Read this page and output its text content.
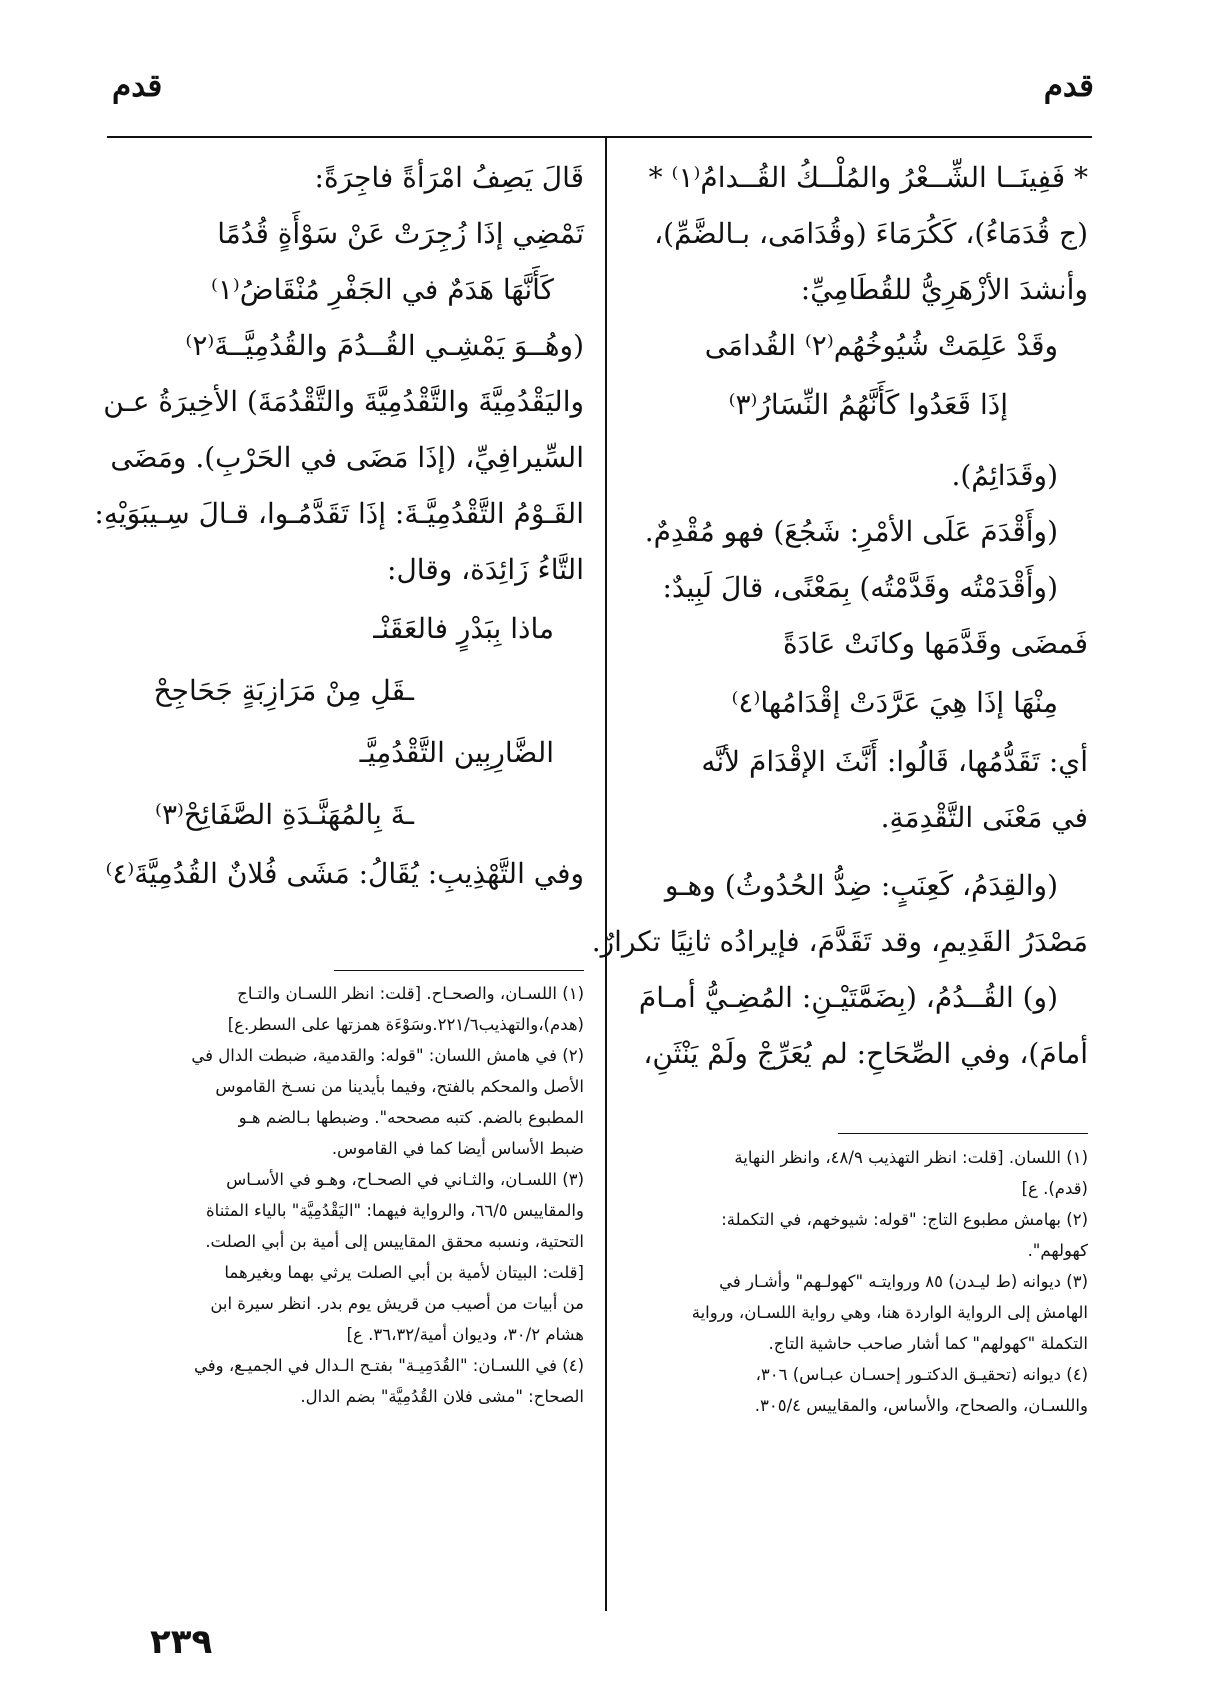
قدم	قدم
* فَفِينَــا الشِّــعْرُ والمُلْــكُ القُــدامُ⁽١⁾ *
(ج قُدَمَاءُ)، كَكُرَمَاءَ (وقُدَامَى، بـالضَّمِّ)،
وأنشدَ الأزْهَرِيُّ للقُطَامِيِّ:
وقَدْ عَلِمَتْ شُيُوخُهُم⁽٢⁾ القُدامَى
إذَا قَعَدُوا كَأَنَّهُمُ النِّسَارُ⁽٣⁾
(وقَدَائِمُ).
(وأَقْدَمَ عَلَى الأمْرِ: شَجُعَ) فهو مُقْدِمٌ.
(وأَقْدَمْتُه وقَدَّمْتُه) بِمَعْنًى، قالَ لَبِيدٌ:
فَمضَى وقَدَّمَها وكانَتْ عَادَةً
مِنْهَا إذَا هِيَ عَرَّدَتْ إقْدَامُها⁽٤⁾
أي: تَقَدُّمُها، قَالُوا: أَنَّثَ الإقْدَامَ لأنَّه
في مَعْنَى التَّقْدِمَةِ.
(والقِدَمُ، كَعِنَبٍ: ضِدُّ الحُدُوثُ) وهـو
مَصْدَرُ القَدِيمِ، وقد تَقَدَّمَ، فإيرادُه ثانِيًا تكرارٌ.
(و) القُــدُمُ، (بِضَمَّتَيْـنِ: المُضِـيُّ أمـامَ
أمامَ)، وفي الصِّحَاحِ: لم يُعَرِّجْ ولَمْ يَنْثَنِ،
(١) اللسان. [قلت: انظر التهذيب ٤٨/٩، وانظر النهاية
(قدم). ع]
(٢) بهامش مطبوع التاج: "قوله: شيوخهم، في التكملة:
كهولهم".
(٣) ديوانه (ط ليـدن) ٨٥ وروايتـه "كهولـهم" وأشـار في
الهامش إلى الرواية الواردة هنا، وهي رواية اللسـان، ورواية
التكملة "كهولهم" كما أشار صاحب حاشية التاج.
(٤) ديوانه (تحقيـق الدكتـور إحسـان عبـاس) ٣٠٦،
واللسـان، والصحاح، والأساس، والمقاييس ٣٠٥/٤.
قَالَ يَصِفُ امْرَأةً فاجِرَةً:
تَمْضِي إذَا زُجِرَتْ عَنْ سَوْأَةٍ قُدُمًا
كَأَنَّهَا هَدَمٌ في الجَفْرِ مُنْقَاضُ⁽١⁾
(وهُــوَ يَمْشِـي القُــدُمَ والقُدُمِيَّــةَ⁽٢⁾
واليَقْدُمِيَّةَ والتَّقْدُمِيَّةَ والتَّقْدُمَةَ) الأخِيرَةُ عـن
السِّيرافِيِّ، (إذَا مَضَى في الحَرْبِ). ومَضَى
القَـوْمُ التَّقْدُمِيَّـةَ: إذَا تَقَدَّمُـوا، قـالَ سِـيبَوَيْهِ:
التَّاءُ زَائِدَة، وقال:
ماذا بِبَدْرٍ فالعَقَنْـ
ـقَلِ مِنْ مَرَازِبَةٍ جَحَاجِحْ
الضَّارِبِين التَّقْدُمِيَّـ
ـةَ بِالمُهَنَّـدَةِ الصَّفَائِحْ⁽٣⁾
وفي التَّهْذِيبِ: يُقَالُ: مَشَى فُلانٌ القُدُمِيَّةَ⁽٤⁾
(١) اللسـان، والصحـاح. [قلت: انظر اللسـان والتـاج
(هدم)،والتهذيب٢٢١/٦.وسَوْءَة همزتها على السطر.ع]
(٢) في هامش اللسان: "قوله: والقدمية، ضبطت الدال في
الأصل والمحكم بالفتح، وفيما بأيدينا من نسـخ القاموس
المطبوع بالضم. كتبه مصححه". وضبطها بـالضم هـو
ضبط الأساس أيضا كما في القاموس.
(٣) اللسـان، والثـاني في الصحـاح، وهـو في الأسـاس
والمقاييس ٦٦/٥، والرواية فيهما: "اليَقْدُمِيَّة" بالياء المثناة
التحتية، ونسبه محقق المقاييس إلى أمية بن أبي الصلت.
[قلت: البيتان لأمية بن أبي الصلت يرثي بهما وبغيرهما
من أبيات من أصيب من قريش يوم بدر. انظر سيرة ابن
هشام ٣٠/٢، وديوان أمية/٣٦،٣٢. ع]
(٤) في اللسـان: "القُدَمِيـة" بفتـح الـدال في الجميـع، وفي
الصحاح: "مشى فلان القُدُمِيَّة" بضم الدال.
٢٣٩
